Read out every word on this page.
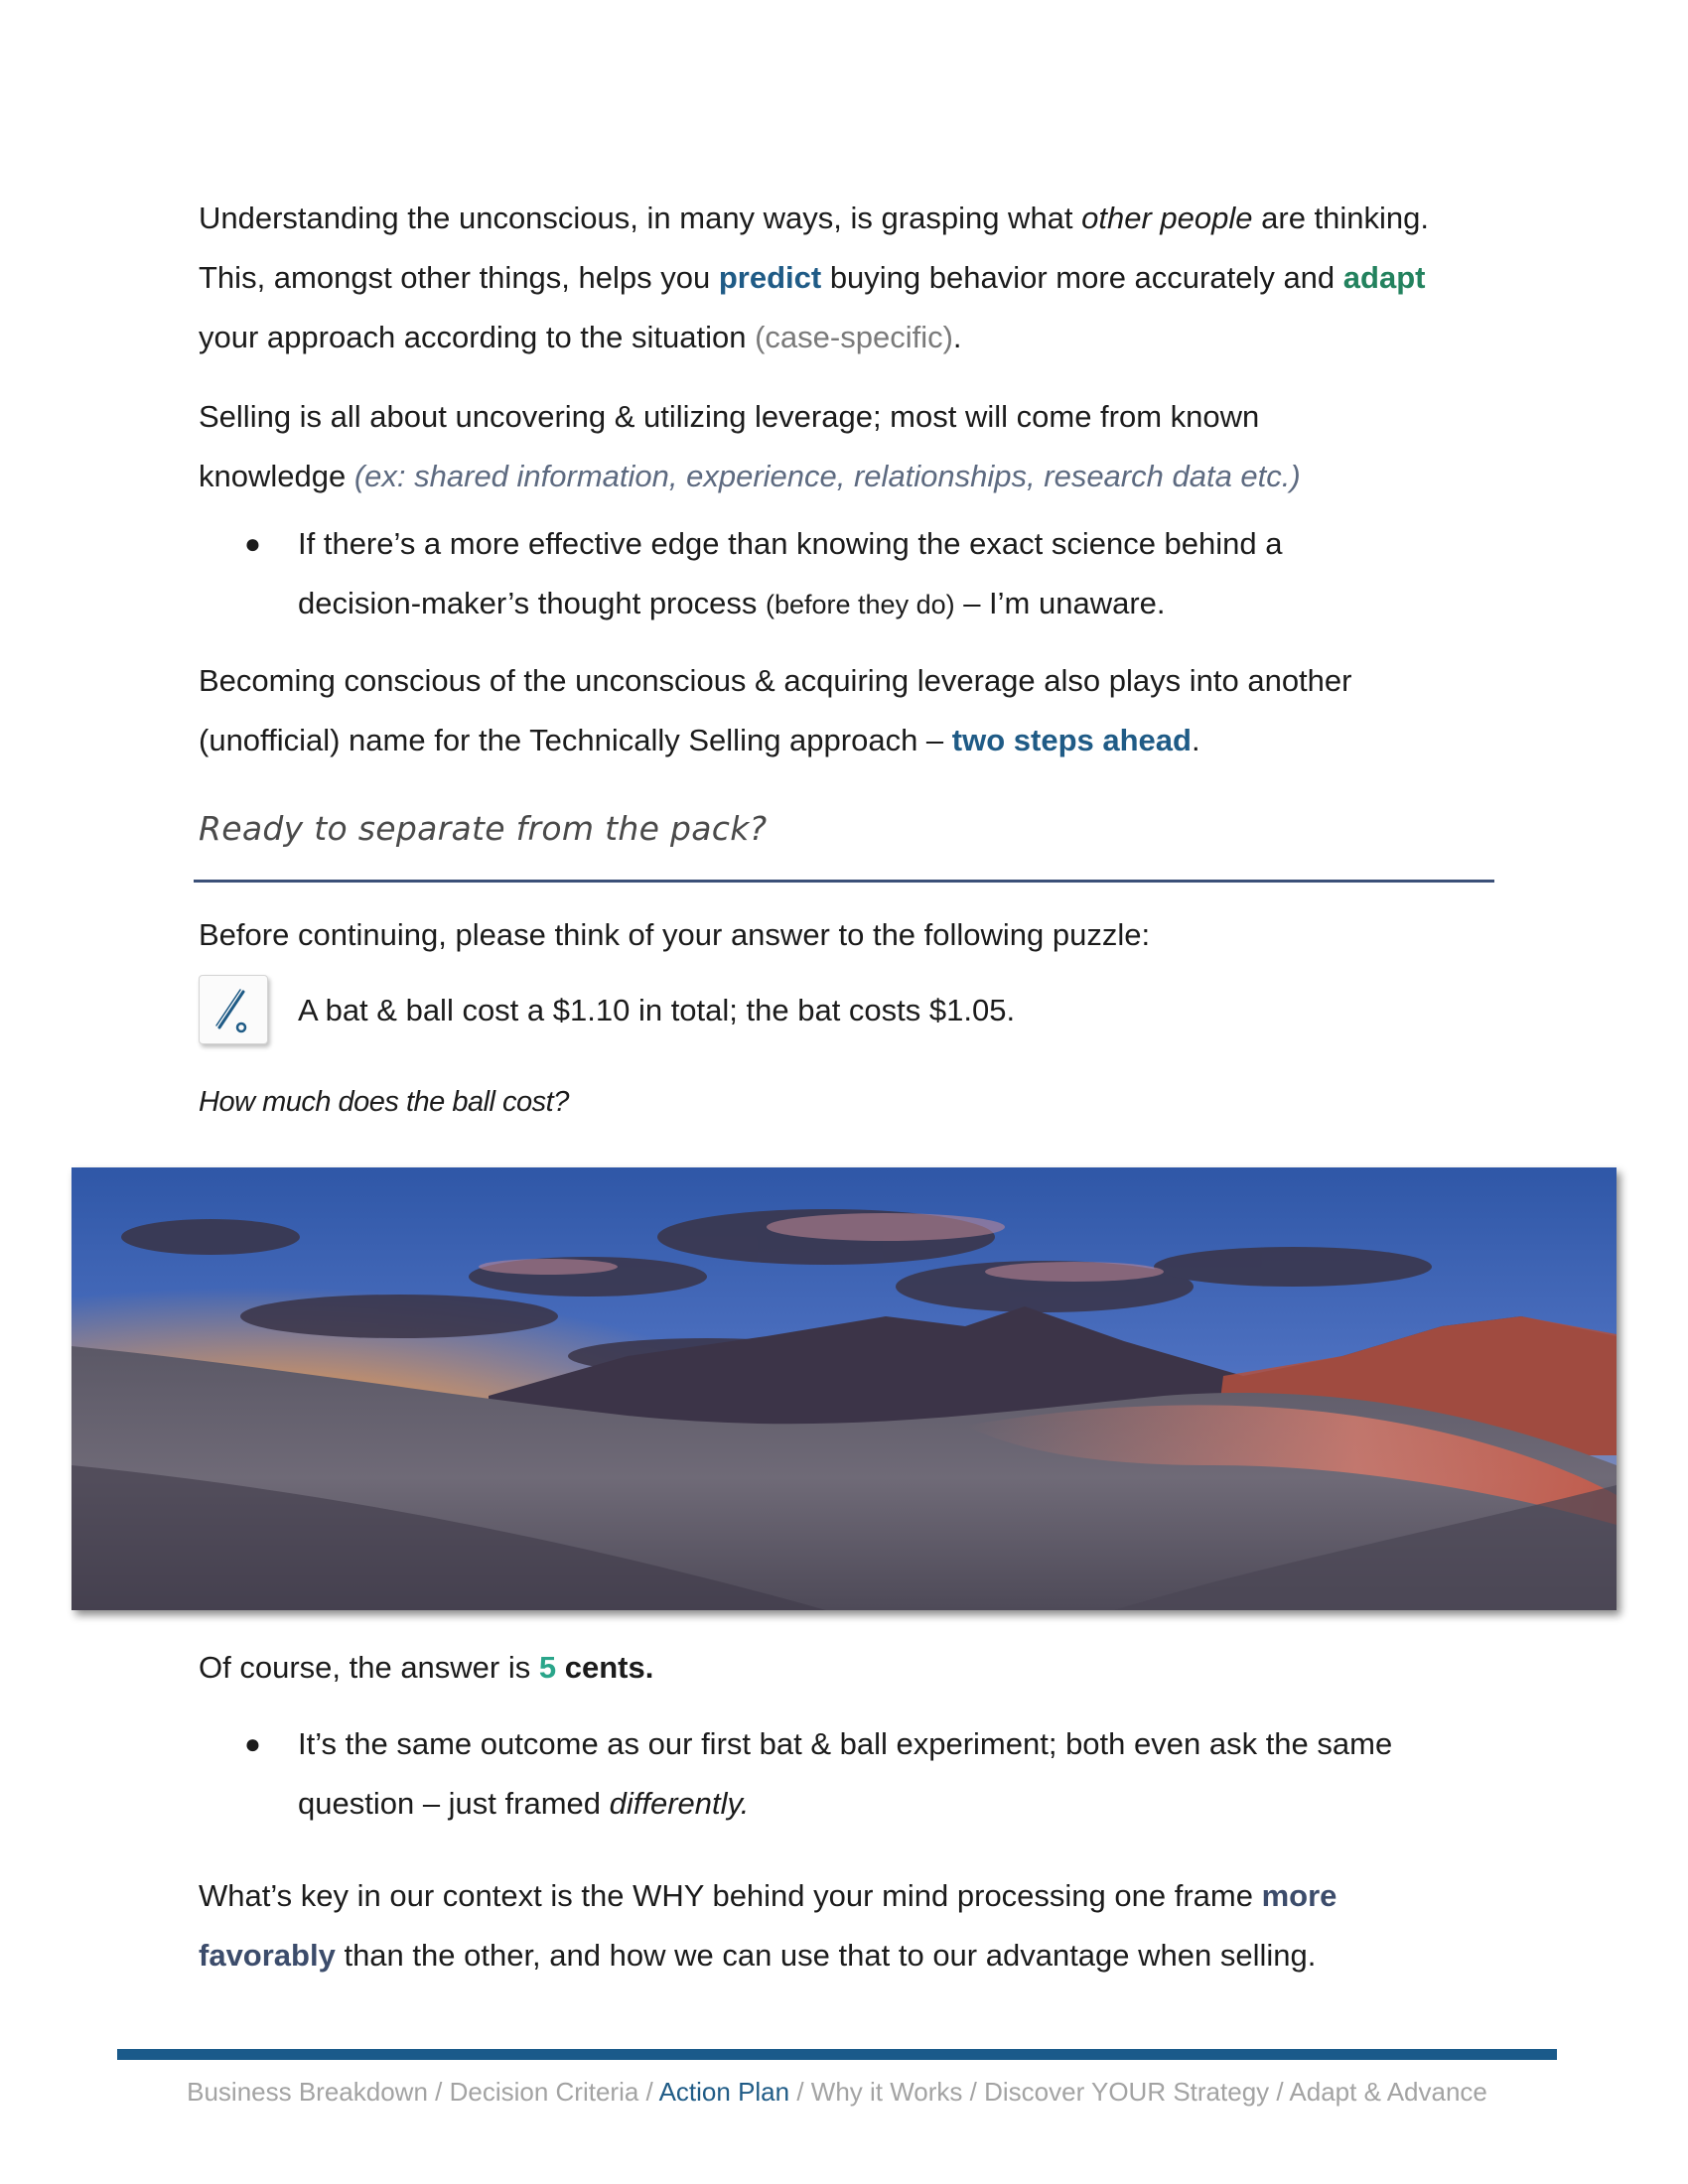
Understanding the unconscious, in many ways, is grasping what other people are thinking.
This, amongst other things, helps you predict buying behavior more accurately and adapt
your approach according to the situation (case-specific).

Selling is all about uncovering & utilizing leverage; most will come from known
knowledge (ex: shared information, experience, relationships, research data etc.)

● If there’s a more effective edge than knowing the exact science behind a
decision-maker’s thought process (before they do) – I’m unaware.

Becoming conscious of the unconscious & acquiring leverage also plays into another
(unofficial) name for the Technically Selling approach – two steps ahead.

Ready to separate from the pack?

Before continuing, please think of your answer to the following puzzle:

A bat & ball cost a $1.10 in total; the bat costs $1.05.

How much does the ball cost?

Of course, the answer is 5 cents.

● It’s the same outcome as our first bat & ball experiment; both even ask the same
question – just framed differently.

What’s key in our context is the WHY behind your mind processing one frame more
favorably than the other, and how we can use that to our advantage when selling.

Business Breakdown / Decision Criteria / Action Plan / Why it Works / Discover YOUR Strategy / Adapt & Advance
